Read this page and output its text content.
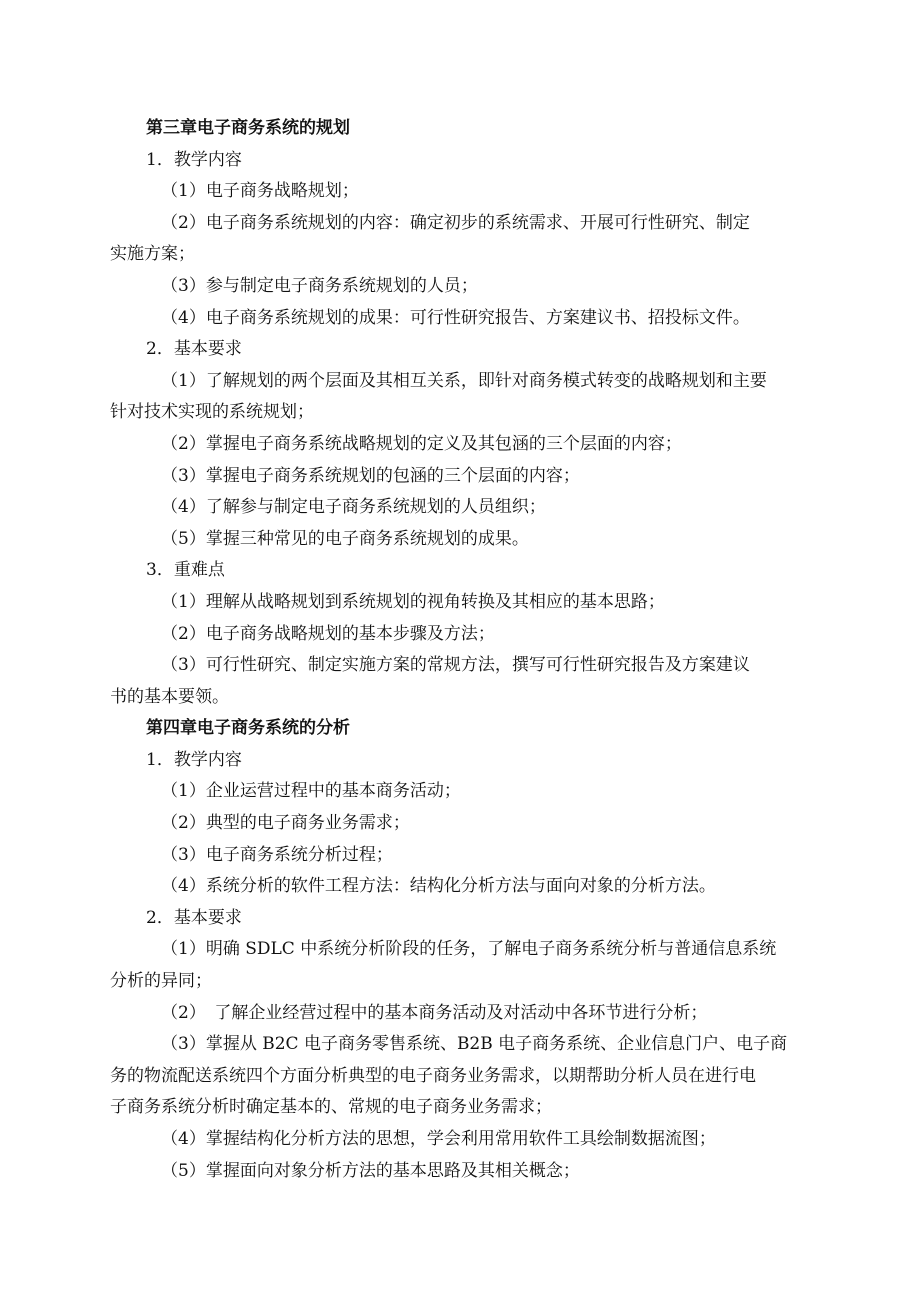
第三章电子商务系统的规划

1．教学内容

（1）电子商务战略规划；

（2）电子商务系统规划的内容：确定初步的系统需求、开展可行性研究、制定

实施方案；

（3）参与制定电子商务系统规划的人员；

（4）电子商务系统规划的成果：可行性研究报告、方案建议书、招投标文件。

2．基本要求

（1）了解规划的两个层面及其相互关系，即针对商务模式转变的战略规划和主要

针对技术实现的系统规划；

（2）掌握电子商务系统战略规划的定义及其包涵的三个层面的内容；

（3）掌握电子商务系统规划的包涵的三个层面的内容；

（4）了解参与制定电子商务系统规划的人员组织；

（5）掌握三种常见的电子商务系统规划的成果。

3．重难点

（1）理解从战略规划到系统规划的视角转换及其相应的基本思路；

（2）电子商务战略规划的基本步骤及方法；

（3）可行性研究、制定实施方案的常规方法，撰写可行性研究报告及方案建议

书的基本要领。

第四章电子商务系统的分析

1．教学内容

（1）企业运营过程中的基本商务活动；

（2）典型的电子商务业务需求；

（3）电子商务系统分析过程；

（4）系统分析的软件工程方法：结构化分析方法与面向对象的分析方法。

2．基本要求

（1）明确 SDLC 中系统分析阶段的任务，了解电子商务系统分析与普通信息系统

分析的异同；

（2）　了解企业经营过程中的基本商务活动及对活动中各环节进行分析；

（3）掌握从 B2C 电子商务零售系统、B2B 电子商务系统、企业信息门户、电子商

务的物流配送系统四个方面分析典型的电子商务业务需求，以期帮助分析人员在进行电

子商务系统分析时确定基本的、常规的电子商务业务需求；

（4）掌握结构化分析方法的思想，学会利用常用软件工具绘制数据流图；

（5）掌握面向对象分析方法的基本思路及其相关概念；
